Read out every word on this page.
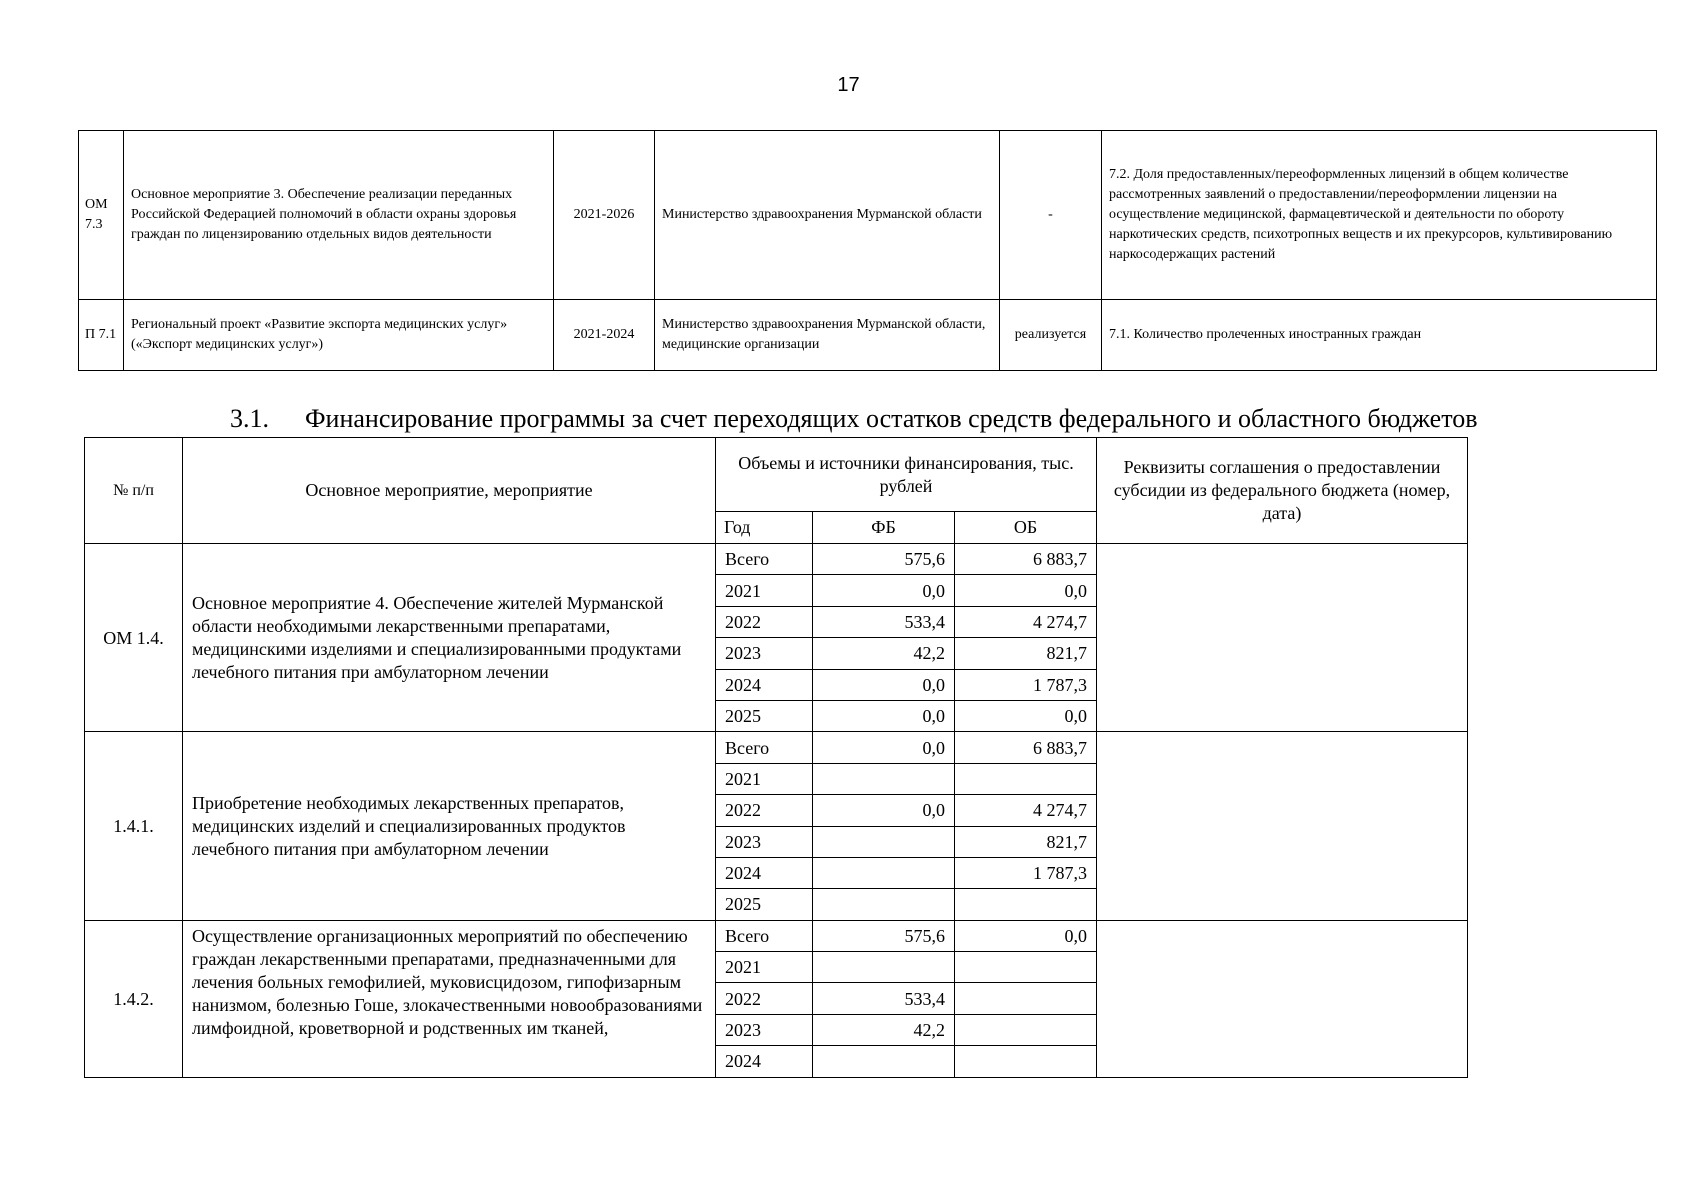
17
ОМ 7.3	Основное мероприятие 3. Обеспечение реализации переданных Российской Федерацией полномочий в области охраны здоровья граждан по лицензированию отдельных видов деятельности	2021-2026	Министерство здравоохранения Мурманской области	-	7.2. Доля предоставленных/переоформленных лицензий в общем количестве рассмотренных заявлений о предоставлении/переоформлении лицензии на осуществление медицинской, фармацевтической и деятельности по обороту наркотических средств, психотропных веществ и их прекурсоров, культивированию наркосодержащих растений
П 7.1	Региональный проект «Развитие экспорта медицинских услуг» («Экспорт медицинских услуг»)	2021-2024	Министерство здравоохранения Мурманской области, медицинские организации	реализуется	7.1. Количество пролеченных иностранных граждан
3.1. Финансирование программы за счет переходящих остатков средств федерального и областного бюджетов
№ п/п	Основное мероприятие, мероприятие	Объемы и источники финансирования, тыс. рублей			Реквизиты соглашения о предоставлении субсидии из федерального бюджета (номер, дата)
		Год	ФБ	ОБ	
ОМ 1.4.	Основное мероприятие 4. Обеспечение жителей Мурманской области необходимыми лекарственными препаратами, медицинскими изделиями и специализированными продуктами лечебного питания при амбулаторном лечении	Всего	575,6	6 883,7	
		2021	0,0	0,0	
		2022	533,4	4 274,7	
		2023	42,2	821,7	
		2024	0,0	1 787,3	
		2025	0,0	0,0	
1.4.1.	Приобретение необходимых лекарственных препаратов, медицинских изделий и специализированных продуктов лечебного питания при амбулаторном лечении	Всего	0,0	6 883,7	
		2021			
		2022	0,0	4 274,7	
		2023		821,7	
		2024		1 787,3	
		2025			
1.4.2.	Осуществление организационных мероприятий по обеспечению граждан лекарственными препаратами, предназначенными для лечения больных гемофилией, муковисцидозом, гипофизарным нанизмом, болезнью Гоше, злокачественными новообразованиями лимфоидной, кроветворной и родственных им тканей,	Всего	575,6	0,0	
		2021			
		2022	533,4		
		2023	42,2		
		2024			
